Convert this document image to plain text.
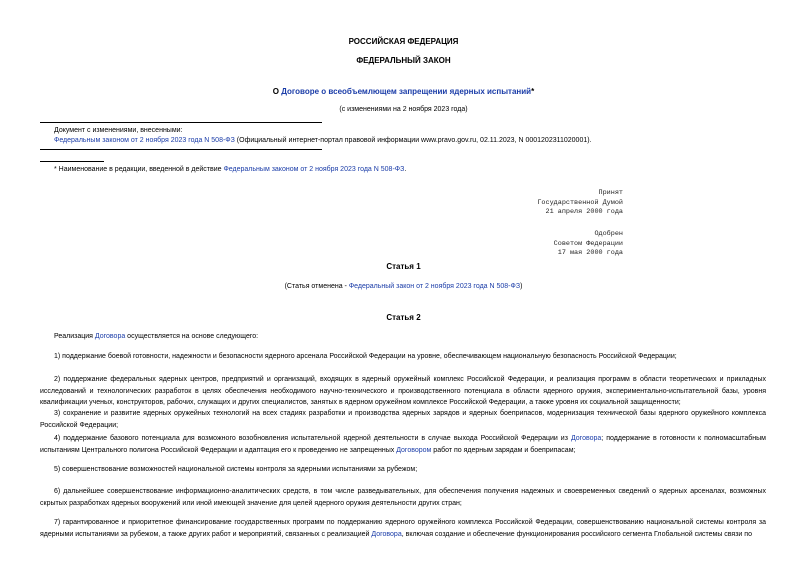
РОССИЙСКАЯ ФЕДЕРАЦИЯ
ФЕДЕРАЛЬНЫЙ ЗАКОН
О Договоре о всеобъемлющем запрещении ядерных испытаний*
(с изменениями на 2 ноября 2023 года)
Документ с изменениями, внесенными:
Федеральным законом от 2 ноября 2023 года N 508-ФЗ (Официальный интернет-портал правовой информации www.pravo.gov.ru, 02.11.2023, N 0001202311020001).
* Наименование в редакции, введенной в действие Федеральным законом от 2 ноября 2023 года N 508-ФЗ.
Принят
Государственной Думой
21 апреля 2000 года
Одобрен
Советом Федерации
17 мая 2000 года
Статья 1
(Статья отменена - Федеральный закон от 2 ноября 2023 года N 508-ФЗ)
Статья 2
Реализация Договора осуществляется на основе следующего:
1) поддержание боевой готовности, надежности и безопасности ядерного арсенала Российской Федерации на уровне, обеспечивающем национальную безопасность Российской Федерации;
2) поддержание федеральных ядерных центров, предприятий и организаций, входящих в ядерный оружейный комплекс Российской Федерации, и реализация программ в области теоретических и прикладных исследований и технологических разработок в целях обеспечения необходимого научно-технического и производственного потенциала в области ядерного оружия, экспериментально-испытательной базы, уровня квалификации ученых, конструкторов, рабочих, служащих и других специалистов, занятых в ядерном оружейном комплексе Российской Федерации, а также уровня их социальной защищенности;
3) сохранение и развитие ядерных оружейных технологий на всех стадиях разработки и производства ядерных зарядов и ядерных боеприпасов, модернизация технической базы ядерного оружейного комплекса Российской Федерации;
4) поддержание базового потенциала для возможного возобновления испытательной ядерной деятельности в случае выхода Российской Федерации из Договора; поддержание в готовности к полномасштабным испытаниям Центрального полигона Российской Федерации и адаптация его к проведению не запрещенных Договором работ по ядерным зарядам и боеприпасам;
5) совершенствование возможностей национальной системы контроля за ядерными испытаниями за рубежом;
6) дальнейшее совершенствование информационно-аналитических средств, в том числе разведывательных, для обеспечения получения надежных и своевременных сведений о ядерных арсеналах, возможных скрытых разработках ядерных вооружений или иной имеющей значение для целей ядерного оружия деятельности других стран;
7) гарантированное и приоритетное финансирование государственных программ по поддержанию ядерного оружейного комплекса Российской Федерации, совершенствованию национальной системы контроля за ядерными испытаниями за рубежом, а также других работ и мероприятий, связанных с реализацией Договора, включая создание и обеспечение функционирования российского сегмента Глобальной системы связи по
